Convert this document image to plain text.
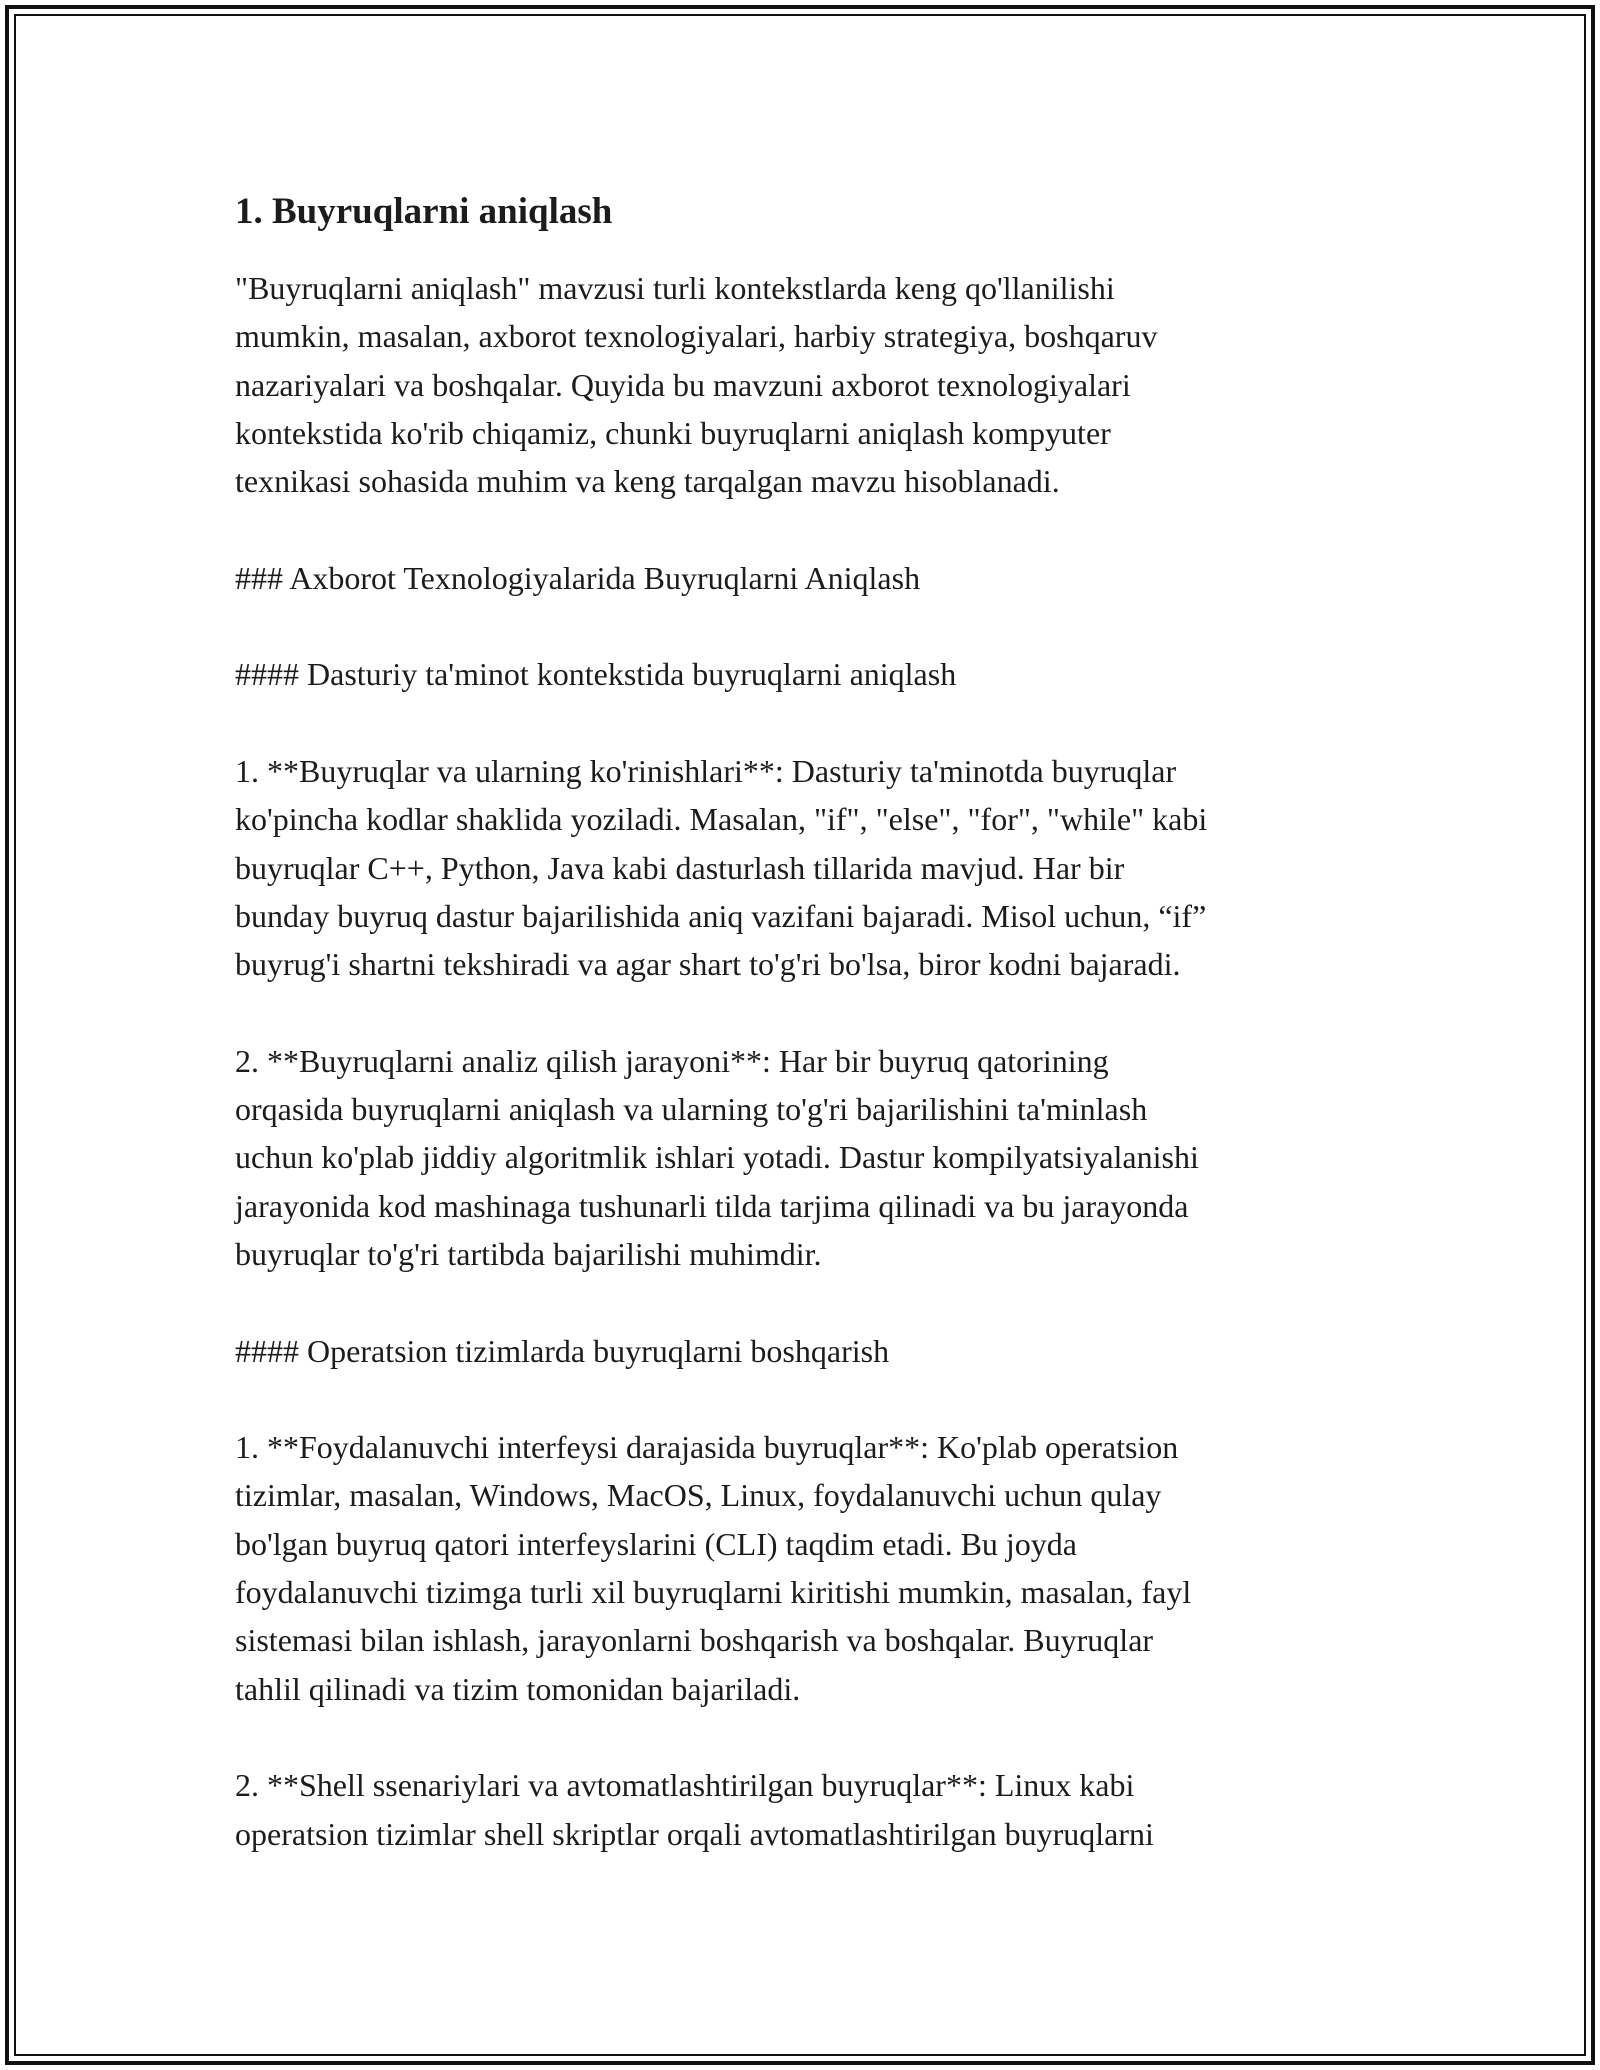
1. Buyruqlarni aniqlash

"Buyruqlarni aniqlash" mavzusi turli kontekstlarda keng qo'llanilishi
mumkin, masalan, axborot texnologiyalari, harbiy strategiya, boshqaruv
nazariyalari va boshqalar. Quyida bu mavzuni axborot texnologiyalari
kontekstida ko'rib chiqamiz, chunki buyruqlarni aniqlash kompyuter
texnikasi sohasida muhim va keng tarqalgan mavzu hisoblanadi.

### Axborot Texnologiyalarida Buyruqlarni Aniqlash

#### Dasturiy ta'minot kontekstida buyruqlarni aniqlash

1. **Buyruqlar va ularning ko'rinishlari**: Dasturiy ta'minotda buyruqlar
ko'pincha kodlar shaklida yoziladi. Masalan, "if", "else", "for", "while" kabi
buyruqlar C++, Python, Java kabi dasturlash tillarida mavjud. Har bir
bunday buyruq dastur bajarilishida aniq vazifani bajaradi. Misol uchun, “if”
buyrug'i shartni tekshiradi va agar shart to'g'ri bo'lsa, biror kodni bajaradi.

2. **Buyruqlarni analiz qilish jarayoni**: Har bir buyruq qatorining
orqasida buyruqlarni aniqlash va ularning to'g'ri bajarilishini ta'minlash
uchun ko'plab jiddiy algoritmlik ishlari yotadi. Dastur kompilyatsiyalanishi
jarayonida kod mashinaga tushunarli tilda tarjima qilinadi va bu jarayonda
buyruqlar to'g'ri tartibda bajarilishi muhimdir.

#### Operatsion tizimlarda buyruqlarni boshqarish

1. **Foydalanuvchi interfeysi darajasida buyruqlar**: Ko'plab operatsion
tizimlar, masalan, Windows, MacOS, Linux, foydalanuvchi uchun qulay
bo'lgan buyruq qatori interfeyslarini (CLI) taqdim etadi. Bu joyda
foydalanuvchi tizimga turli xil buyruqlarni kiritishi mumkin, masalan, fayl
sistemasi bilan ishlash, jarayonlarni boshqarish va boshqalar. Buyruqlar
tahlil qilinadi va tizim tomonidan bajariladi.

2. **Shell ssenariylari va avtomatlashtirilgan buyruqlar**: Linux kabi
operatsion tizimlar shell skriptlar orqali avtomatlashtirilgan buyruqlarni
